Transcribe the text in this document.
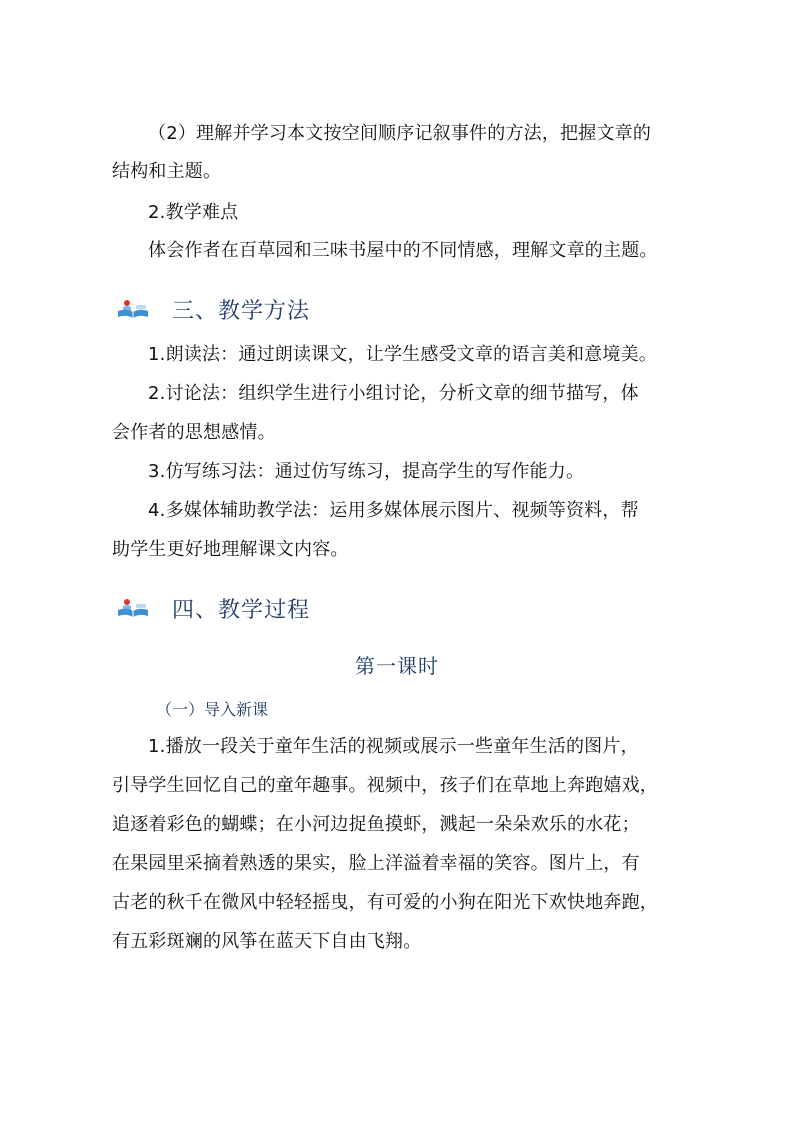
（2）理解并学习本文按空间顺序记叙事件的方法，把握文章的
结构和主题。
2.教学难点
体会作者在百草园和三味书屋中的不同情感，理解文章的主题。
三、教学方法
1.朗读法：通过朗读课文，让学生感受文章的语言美和意境美。
2.讨论法：组织学生进行小组讨论，分析文章的细节描写，体
会作者的思想感情。
3.仿写练习法：通过仿写练习，提高学生的写作能力。
4.多媒体辅助教学法：运用多媒体展示图片、视频等资料，帮
助学生更好地理解课文内容。
四、教学过程
第一课时
（一）导入新课
1.播放一段关于童年生活的视频或展示一些童年生活的图片，
引导学生回忆自己的童年趣事。视频中，孩子们在草地上奔跑嬉戏，
追逐着彩色的蝴蝶；在小河边捉鱼摸虾，溅起一朵朵欢乐的水花；
在果园里采摘着熟透的果实，脸上洋溢着幸福的笑容。图片上，有
古老的秋千在微风中轻轻摇曳，有可爱的小狗在阳光下欢快地奔跑，
有五彩斑斓的风筝在蓝天下自由飞翔。
